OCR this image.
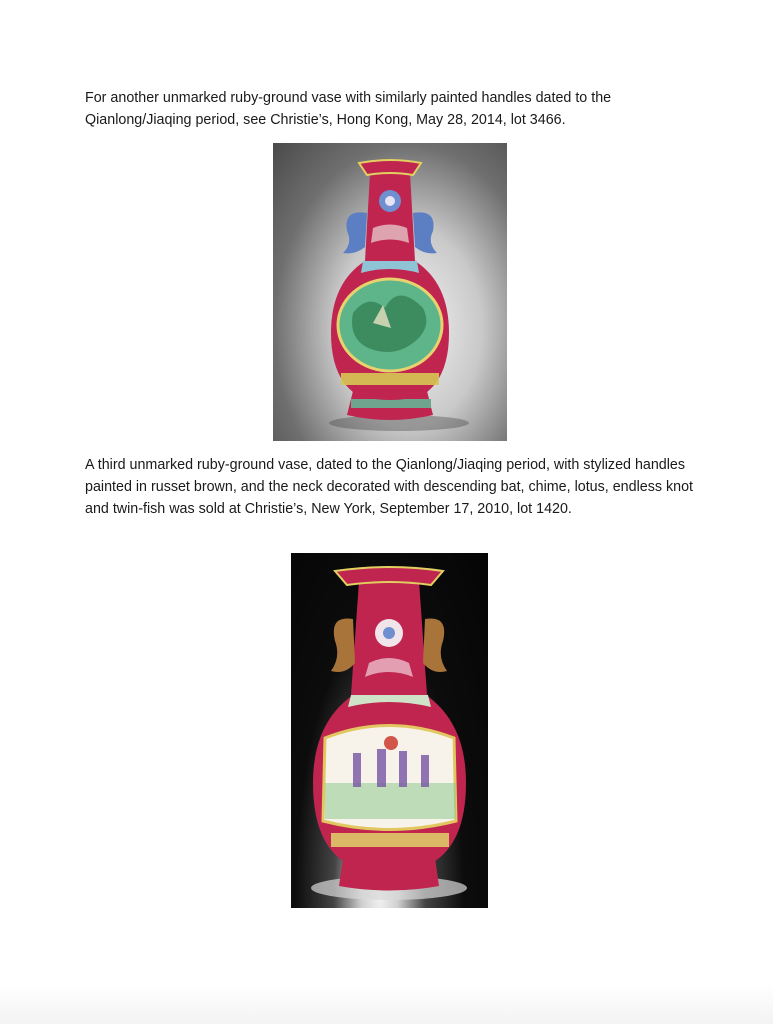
For another unmarked ruby-ground vase with similarly painted handles dated to the Qianlong/Jiaqing period, see Christie’s, Hong Kong, May 28, 2014, lot 3466.

A third unmarked ruby-ground vase, dated to the Qianlong/Jiaqing period, with stylized handles painted in russet brown, and the neck decorated with descending bat, chime, lotus, endless knot and twin-fish was sold at Christie’s, New York, September 17, 2010, lot 1420.
